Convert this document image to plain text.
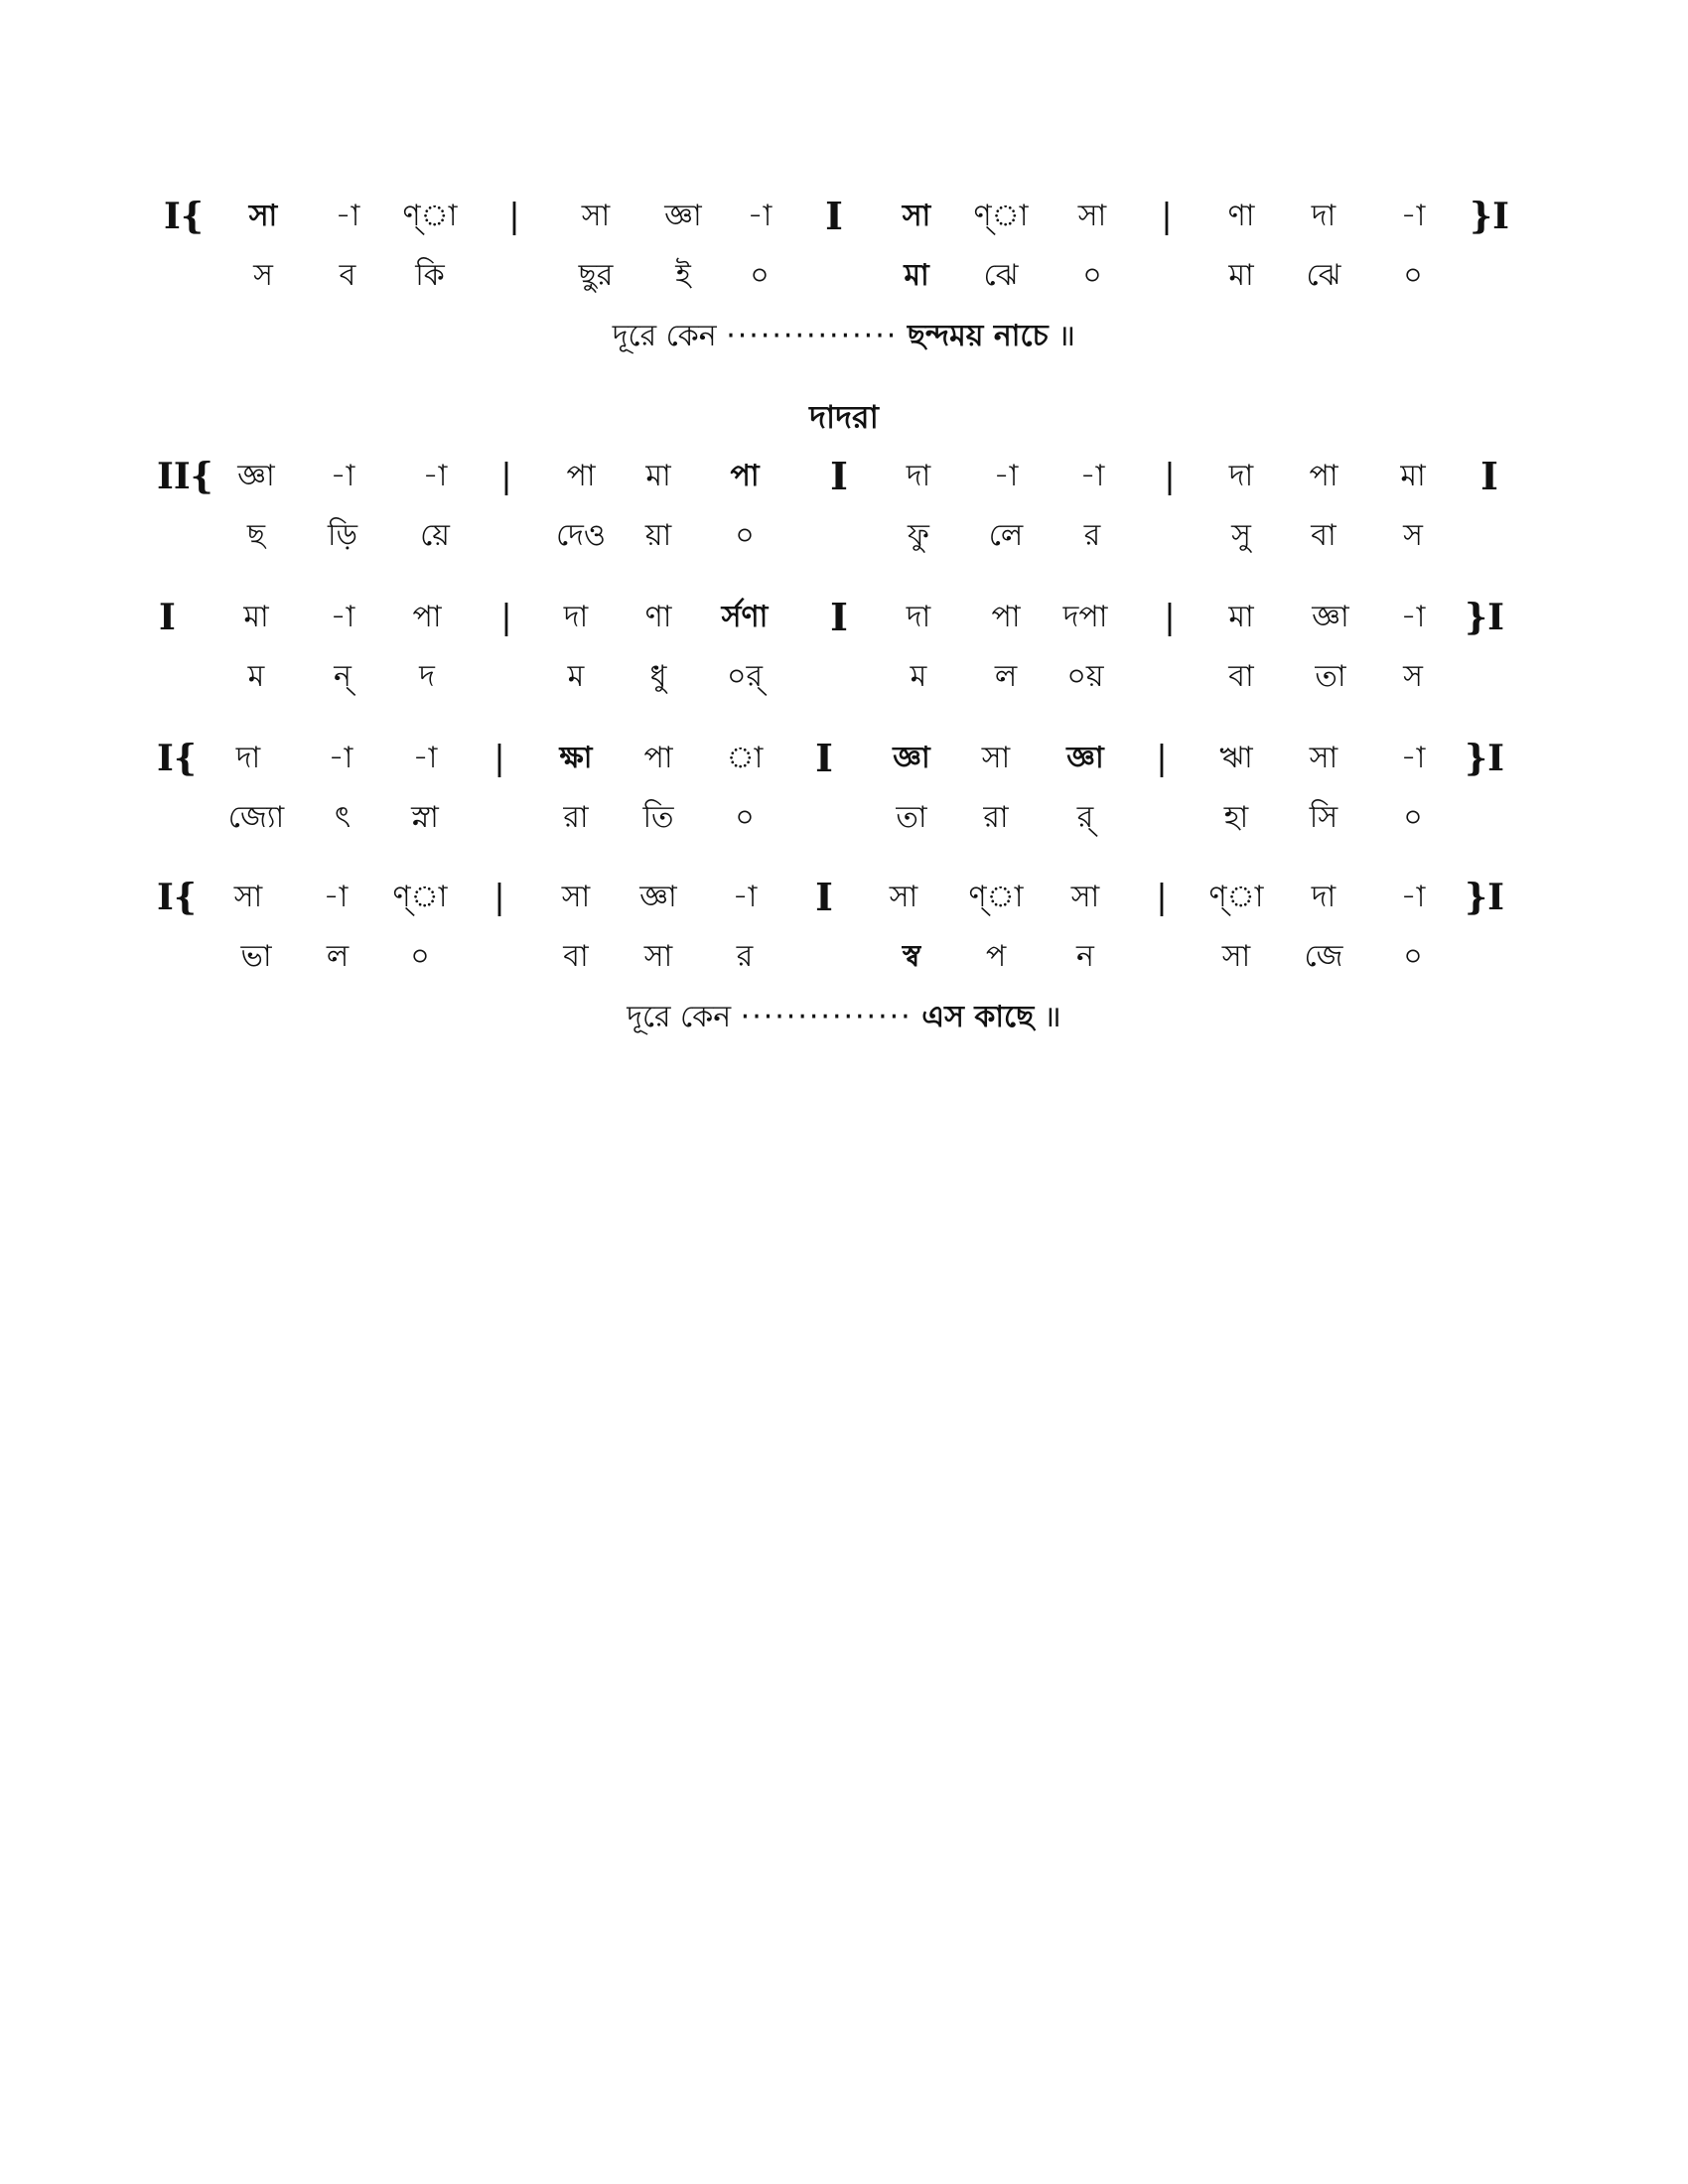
I{	সা	-া	ণ্া	|	সা	জ্ঞা	-া	I	সা	ণ্া	সা	|	ণা	দা	-া	}I
স	ব	কি	ছুর	ই	০	মা	ঝে	০	মা	ঝে	০
দূরে কেন ··············· ছন্দময় নাচে ॥
দাদরা
II{ জ্ঞা	-া	-া	|	পা	মা	পা	I	দা	-া	-া	|	দা	পা	মা	I
ছ	ড়ি	য়ে	দেও	য়া	০	ফু	লে	র	সু	বা	স
I	মা	-া	পা	|	দা	ণা	র্সণা	I	দা	পা	দপা	|	মা	জ্ঞা	-া	}I
ম	ন্	দ	ম	ধু	০র্	ম	ল	০য়	বা	তা	স
I{	দা	-া	-া	|	ক্ষা	পা	া	I	জ্ঞা	সা	জ্ঞা	|	ঋা	সা	-া	}I
জ্যো	ৎ	স্না	রা	তি	০	তা	রা	র্	হা	সি	০
I{	সা	-া	ণ্া	|	সা	জ্ঞা	-া	I	সা	ণ্া	সা	|	ণ্া	দা	-া	}I
ভা	ল	০	বা	সা	র	স্ব	প	ন	সা	জে	০
দূরে কেন ··············· এস কাছে ॥
